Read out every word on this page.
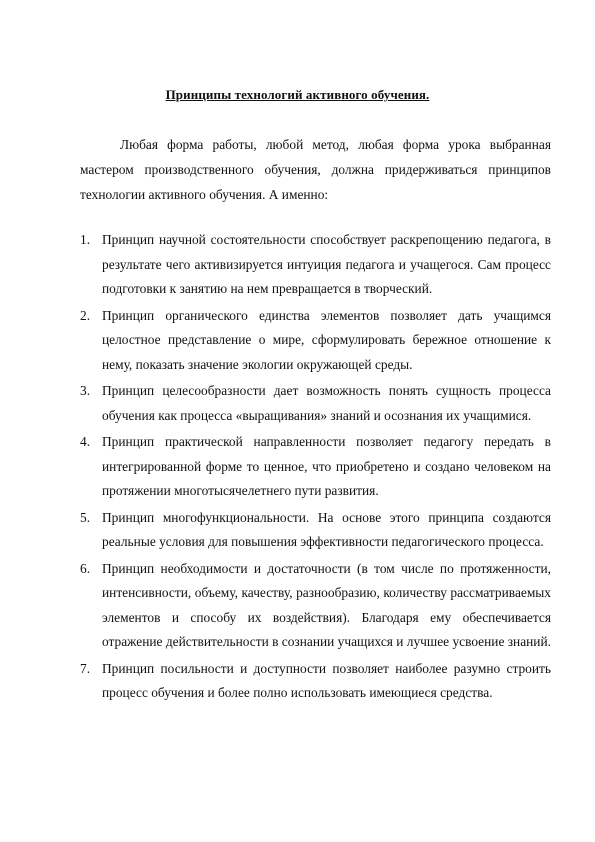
Принципы технологий активного обучения.

Любая форма работы, любой метод, любая форма урока выбранная мастером производственного обучения, должна придерживаться принципов технологии активного обучения. А именно:

1. Принцип научной состоятельности способствует раскрепощению педагога, в результате чего активизируется интуиция педагога и учащегося. Сам процесс подготовки к занятию на нем превращается в творческий.
2. Принцип органического единства элементов позволяет дать учащимся целостное представление о мире, сформулировать бережное отношение к нему, показать значение экологии окружающей среды.
3. Принцип целесообразности дает возможность понять сущность процесса обучения как процесса «выращивания» знаний и осознания их учащимися.
4. Принцип практической направленности позволяет педагогу передать в интегрированной форме то ценное, что приобретено и создано человеком на протяжении многотысячелетнего пути развития.
5. Принцип многофункциональности. На основе этого принципа создаются реальные условия для повышения эффективности педагогического процесса.
6. Принцип необходимости и достаточности (в том числе по протяженности, интенсивности, объему, качеству, разнообразию, количеству рассматриваемых элементов и способу их воздействия). Благодаря ему обеспечивается отражение действительности в сознании учащихся и лучшее усвоение знаний.
7. Принцип посильности и доступности позволяет наиболее разумно строить процесс обучения и более полно использовать имеющиеся средства.
